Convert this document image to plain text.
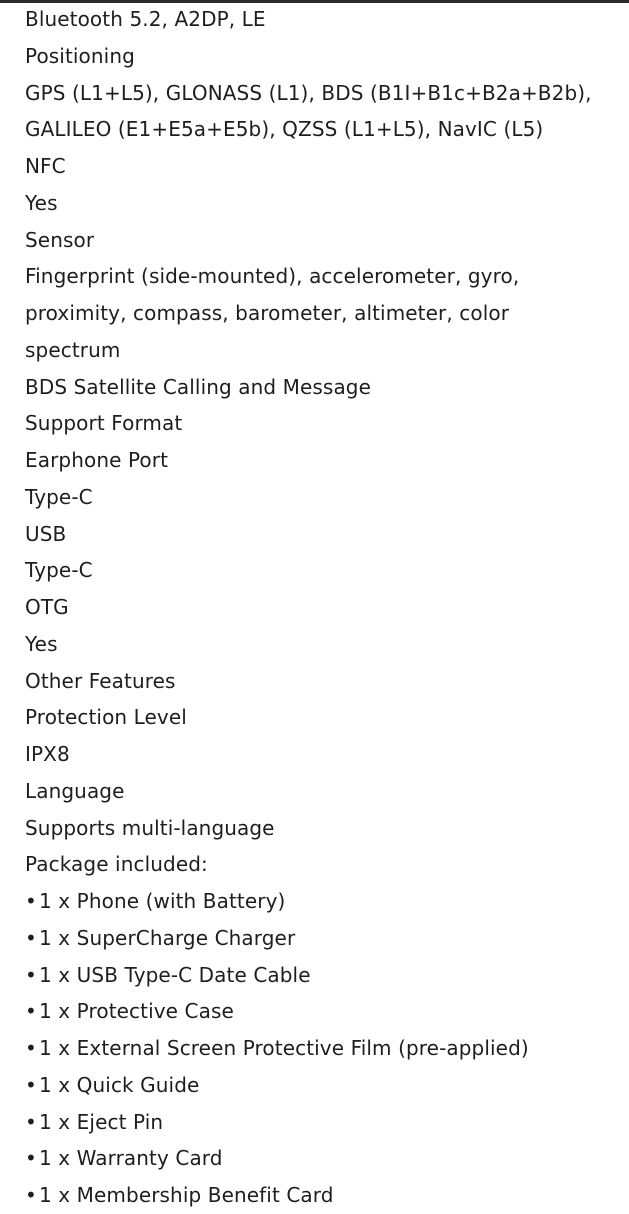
Bluetooth 5.2, A2DP, LE
Positioning
GPS (L1+L5), GLONASS (L1), BDS (B1I+B1c+B2a+B2b),
GALILEO (E1+E5a+E5b), QZSS (L1+L5), NavIC (L5)
NFC
Yes
Sensor
Fingerprint (side-mounted), accelerometer, gyro,
proximity, compass, barometer, altimeter, color
spectrum
BDS Satellite Calling and Message
Support Format
Earphone Port
Type-C
USB
Type-C
OTG
Yes
Other Features
Protection Level
IPX8
Language
Supports multi-language
Package included:
• 1 x Phone (with Battery)
• 1 x SuperCharge Charger
• 1 x USB Type-C Date Cable
• 1 x Protective Case
• 1 x External Screen Protective Film (pre-applied)
• 1 x Quick Guide
• 1 x Eject Pin
• 1 x Warranty Card
• 1 x Membership Benefit Card
